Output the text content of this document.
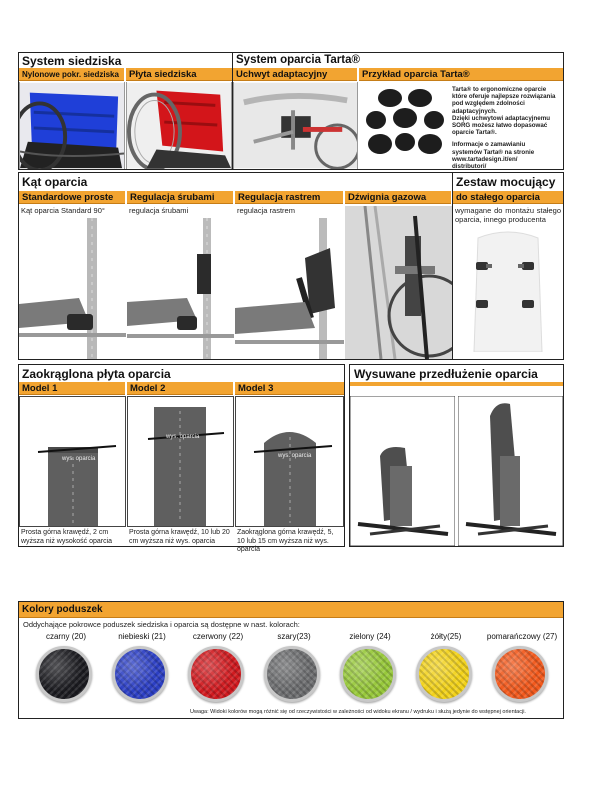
System siedziska	System oparcia Tarta®
Nylonowe pokr. siedziska	Płyta siedziska	Uchwyt adaptacyjny	Przykład oparcia Tarta®
Tarta® to ergonomiczne oparcie
które oferuje najlepsze rozwiązania
pod względem zdolności
adaptacyjnych.
Dzięki uchwytowi adaptacyjnemu
SORG możesz łatwo dopasować
oparcie Tarta®.
Informacje o zamawianiu
systemów Tarta® na stronie
www.tartadesign.it/en/
distributori/
Kąt oparcia	Zestaw mocujący
Standardowe proste	Regulacja śrubami	Regulacja rastrem	Dźwignia gazowa	do stałego oparcia
Kąt oparcia Standard 90°	regulacja śrubami	regulacja rastrem	wymagane do montażu stałego oparcia, innego producenta
Zaokrąglona płyta oparcia
Model 1	Model 2	Model 3
wys. oparcia
wys. oparcia
wys. oparcia
Prosta górna krawędź, 2 cm wyższa niż wysokość oparcia
Prosta górna krawędź, 10 lub 20 cm wyższa niż wys. oparcia
Zaokrąglona górna krawędź, 5, 10 lub 15 cm wyższa niż wys. oparcia
Wysuwane przedłużenie oparcia
Kolory poduszek
Oddychające pokrowce poduszek siedziska i oparcia są dostępne w nast. kolorach:
czarny (20)	niebieski (21)	czerwony (22)	szary(23)	zielony (24)	żółty(25)	pomarańczowy (27)
Uwaga: Widoki kolorów mogą różnić się od rzeczywistości w zależności od widoku ekranu / wydruku i służą jedynie do wstępnej orientacji.
